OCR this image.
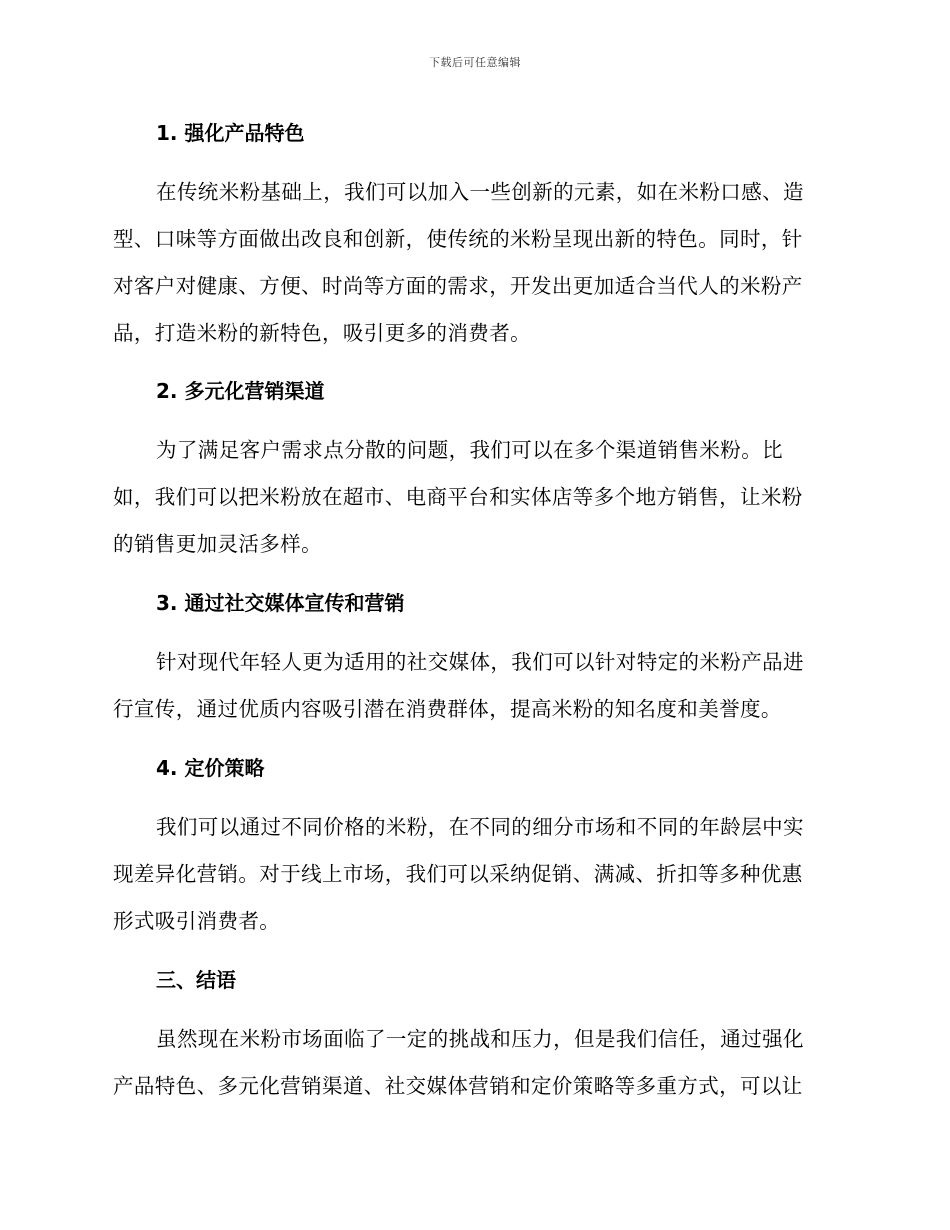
下载后可任意编辑
1. 强化产品特色

在传统米粉基础上，我们可以加入一些创新的元素，如在米粉口感、造
型、口味等方面做出改良和创新，使传统的米粉呈现出新的特色。同时，针
对客户对健康、方便、时尚等方面的需求，开发出更加适合当代人的米粉产
品，打造米粉的新特色，吸引更多的消费者。

2. 多元化营销渠道

为了满足客户需求点分散的问题，我们可以在多个渠道销售米粉。比
如，我们可以把米粉放在超市、电商平台和实体店等多个地方销售，让米粉
的销售更加灵活多样。

3. 通过社交媒体宣传和营销

针对现代年轻人更为适用的社交媒体，我们可以针对特定的米粉产品进
行宣传，通过优质内容吸引潜在消费群体，提高米粉的知名度和美誉度。

4. 定价策略

我们可以通过不同价格的米粉，在不同的细分市场和不同的年龄层中实
现差异化营销。对于线上市场，我们可以采纳促销、满减、折扣等多种优惠
形式吸引消费者。

三、结语

虽然现在米粉市场面临了一定的挑战和压力，但是我们信任，通过强化
产品特色、多元化营销渠道、社交媒体营销和定价策略等多重方式，可以让
